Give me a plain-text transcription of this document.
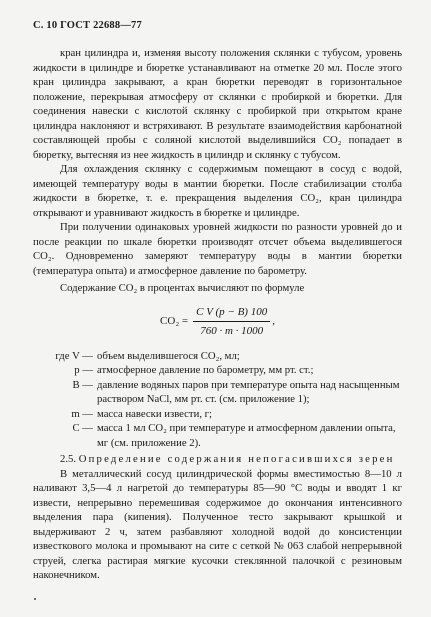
С. 10 ГОСТ 22688—77

кран цилиндра и, изменяя высоту положения склянки с тубусом, уровень жидкости в цилиндре и бюретке устанавливают на отметке 20 мл. После этого кран цилиндра закрывают, а кран бюретки переводят в горизонтальное положение, перекрывая атмосферу от склянки с пробиркой и бюретки. Для соединения навески с кислотой склянку с пробиркой при открытом кране цилиндра наклоняют и встряхивают. В результате взаимодействия карбонатной составляющей пробы с соляной кислотой выделившийся CO₂ попадает в бюретку, вытесняя из нее жидкость в цилиндр и склянку с тубусом.

Для охлаждения склянку с содержимым помещают в сосуд с водой, имеющей температуру воды в мантии бюретки. После стабилизации столба жидкости в бюретке, т. е. прекращения выделения CO₂, кран цилиндра открывают и уравнивают жидкость в бюретке и цилиндре.

При получении одинаковых уровней жидкости по разности уровней до и после реакции по шкале бюретки производят отсчет объема выделившегося CO₂. Одновременно замеряют температуру воды в мантии бюретки (температура опыта) и атмосферное давление по барометру.

Содержание CO₂ в процентах вычисляют по формуле

$CO_2 = \frac{\text{C V (p − B) 100}}{760 \cdot m \cdot 1000}$ ,
где V — объем выделившегося CO₂, мл;
p — атмосферное давление по барометру, мм рт. ст.;
B — давление водяных паров при температуре опыта над насыщенным раствором NaCl, мм рт. ст. (см. приложение 1);
m — масса навески извести, г;
C — масса 1 мл CO₂ при температуре и атмосферном давлении опыта, мг (см. приложение 2).

2.5. Определение содержания непогасившихся зерен

В металлический сосуд цилиндрической формы вместимостью 8—10 л наливают 3,5—4 л нагретой до температуры 85—90 °С воды и вводят 1 кг извести, непрерывно перемешивая содержимое до окончания интенсивного выделения пара (кипения). Полученное тесто закрывают крышкой и выдерживают 2 ч, затем разбавляют холодной водой до консистенции известкового молока и промывают на сите с сеткой № 063 слабой непрерывной струей, слегка растирая мягкие кусочки стеклянной палочкой с резиновым наконечником.
